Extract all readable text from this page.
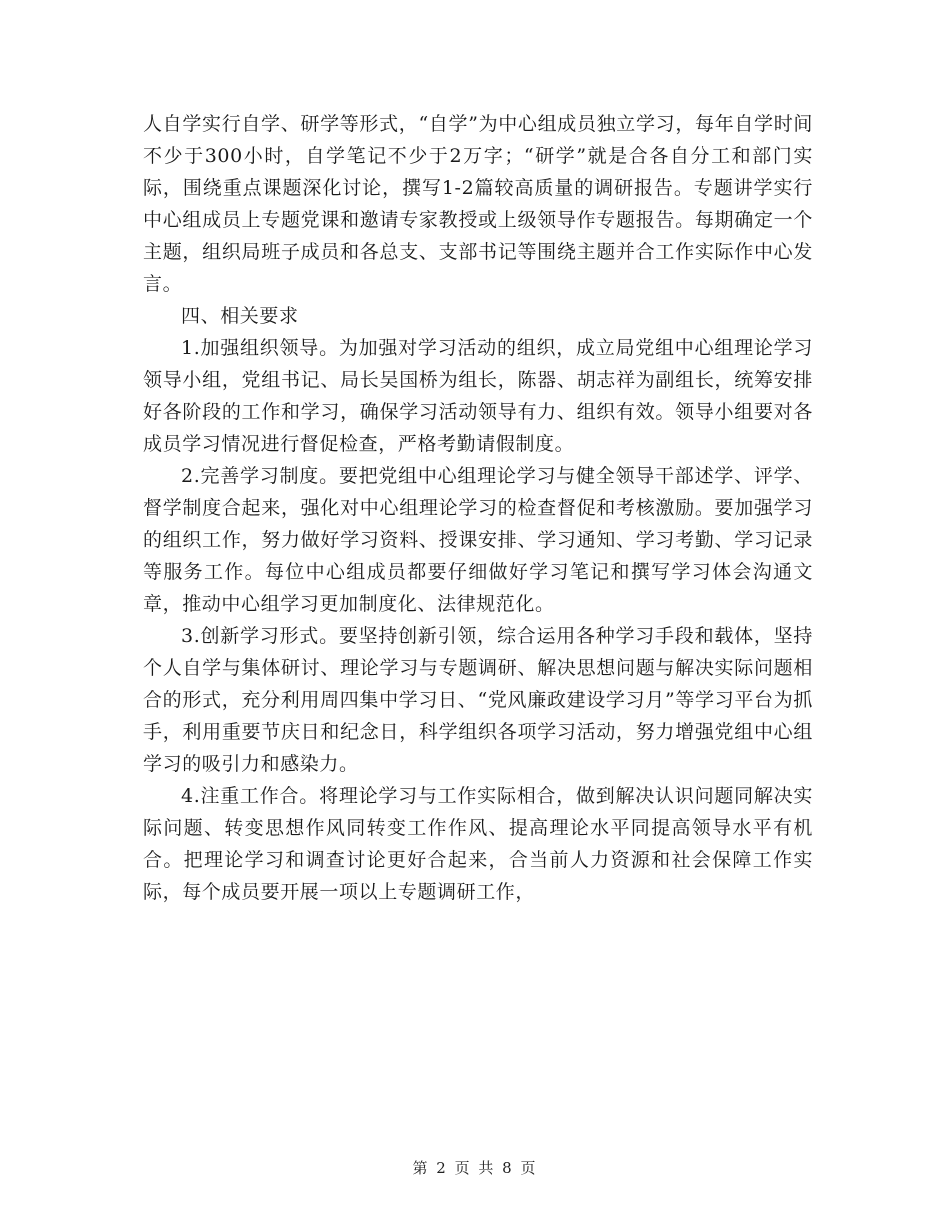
人自学实行自学、研学等形式，“自学”为中心组成员独立学习，每年自学时间不少于300小时，自学笔记不少于2万字；“研学”就是合各自分工和部门实际，围绕重点课题深化讨论，撰写1-2篇较高质量的调研报告。专题讲学实行中心组成员上专题党课和邀请专家教授或上级领导作专题报告。每期确定一个主题，组织局班子成员和各总支、支部书记等围绕主题并合工作实际作中心发言。

四、相关要求

1.加强组织领导。为加强对学习活动的组织，成立局党组中心组理论学习领导小组，党组书记、局长吴国桥为组长，陈器、胡志祥为副组长，统筹安排好各阶段的工作和学习，确保学习活动领导有力、组织有效。领导小组要对各成员学习情况进行督促检查，严格考勤请假制度。

2.完善学习制度。要把党组中心组理论学习与健全领导干部述学、评学、督学制度合起来，强化对中心组理论学习的检查督促和考核激励。要加强学习的组织工作，努力做好学习资料、授课安排、学习通知、学习考勤、学习记录等服务工作。每位中心组成员都要仔细做好学习笔记和撰写学习体会沟通文章，推动中心组学习更加制度化、法律规范化。

3.创新学习形式。要坚持创新引领，综合运用各种学习手段和载体，坚持个人自学与集体研讨、理论学习与专题调研、解决思想问题与解决实际问题相合的形式，充分利用周四集中学习日、“党风廉政建设学习月”等学习平台为抓手，利用重要节庆日和纪念日，科学组织各项学习活动，努力增强党组中心组学习的吸引力和感染力。

4.注重工作合。将理论学习与工作实际相合，做到解决认识问题同解决实际问题、转变思想作风同转变工作作风、提高理论水平同提高领导水平有机合。把理论学习和调查讨论更好合起来，合当前人力资源和社会保障工作实际，每个成员要开展一项以上专题调研工作，

第 2 页 共 8 页
